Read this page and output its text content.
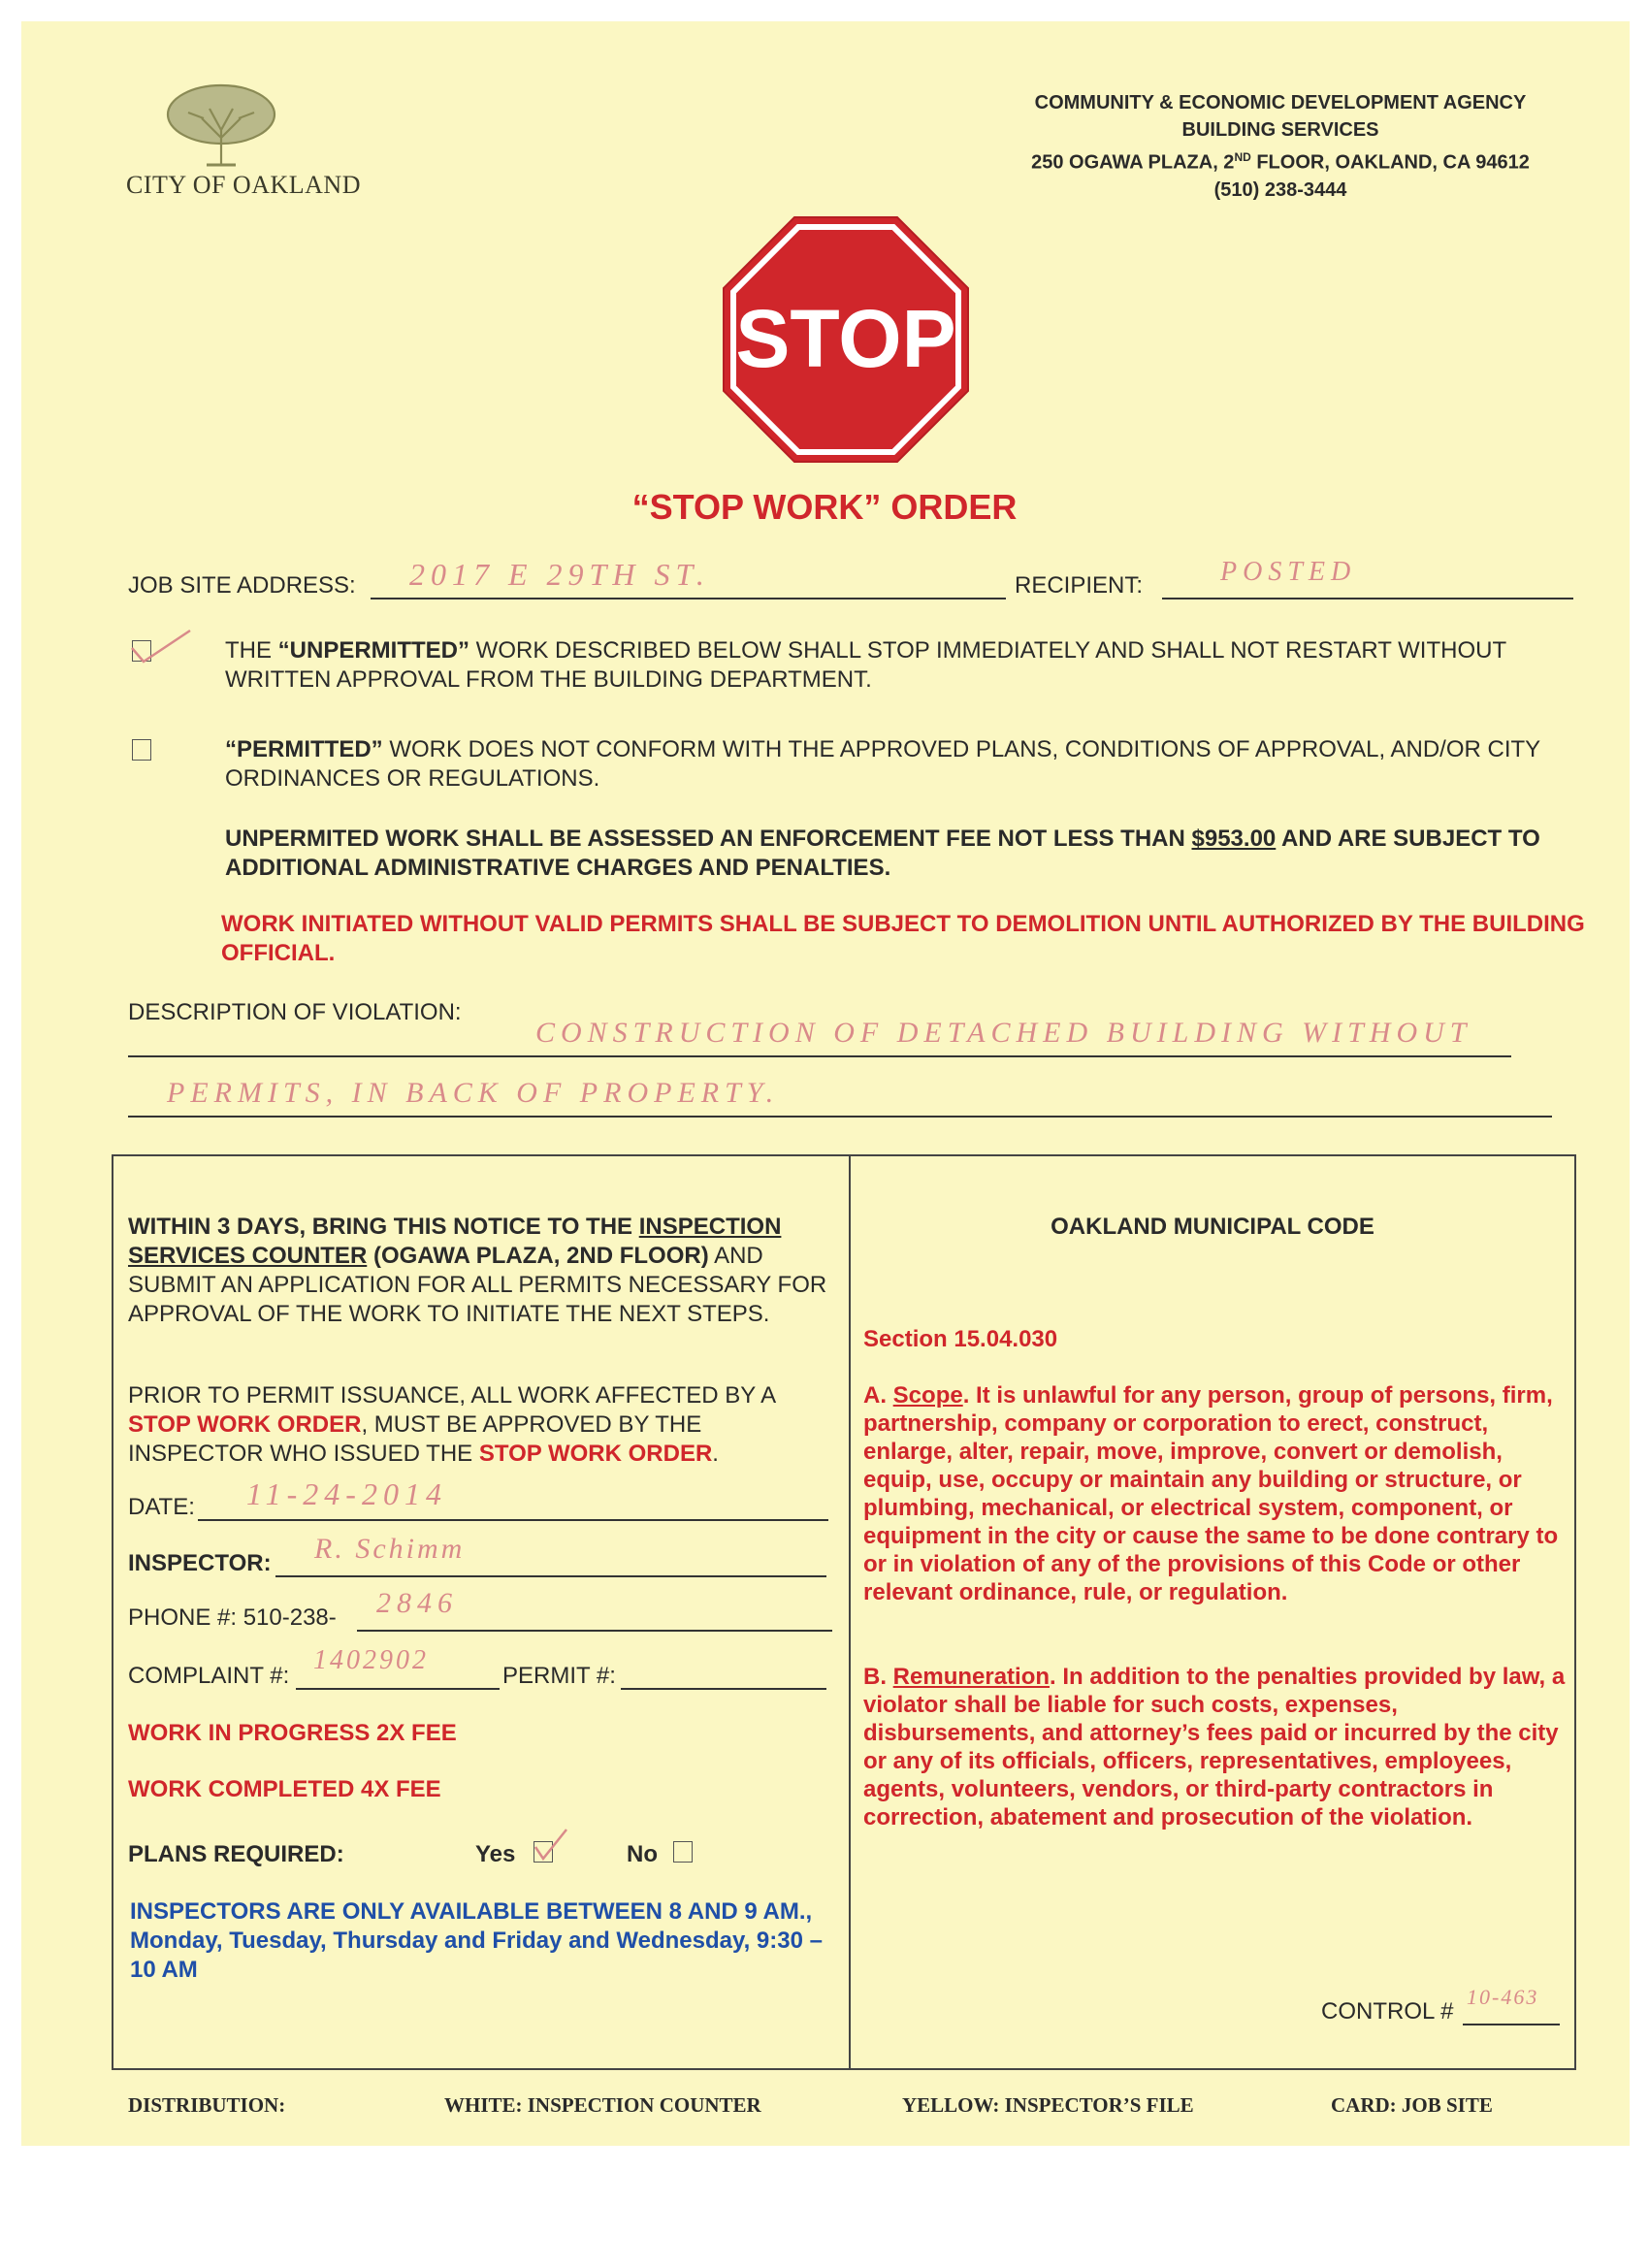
CITY OF OAKLAND
COMMUNITY & ECONOMIC DEVELOPMENT AGENCY
BUILDING SERVICES
250 OGAWA PLAZA, 2ND FLOOR, OAKLAND, CA 94612
(510) 238-3444
STOP
“STOP WORK” ORDER
JOB SITE ADDRESS: 2017 E 29TH ST.	RECIPIENT:	POSTED
THE “UNPERMITTED” WORK DESCRIBED BELOW SHALL STOP IMMEDIATELY AND SHALL NOT RESTART WITHOUT WRITTEN APPROVAL FROM THE BUILDING DEPARTMENT.
“PERMITTED” WORK DOES NOT CONFORM WITH THE APPROVED PLANS, CONDITIONS OF APPROVAL, AND/OR CITY ORDINANCES OR REGULATIONS.
UNPERMITED WORK SHALL BE ASSESSED AN ENFORCEMENT FEE NOT LESS THAN $953.00 AND ARE SUBJECT TO ADDITIONAL ADMINISTRATIVE CHARGES AND PENALTIES.
WORK INITIATED WITHOUT VALID PERMITS SHALL BE SUBJECT TO DEMOLITION UNTIL AUTHORIZED BY THE BUILDING OFFICIAL.
DESCRIPTION OF VIOLATION:
CONSTRUCTION OF DETACHED BUILDING WITHOUT
PERMITS, IN BACK OF PROPERTY.
WITHIN 3 DAYS, BRING THIS NOTICE TO THE INSPECTION
SERVICES COUNTER (OGAWA PLAZA, 2ND FLOOR) AND SUBMIT AN APPLICATION FOR ALL PERMITS NECESSARY FOR APPROVAL OF THE WORK TO INITIATE THE NEXT STEPS.
PRIOR TO PERMIT ISSUANCE, ALL WORK AFFECTED BY A STOP WORK ORDER, MUST BE APPROVED BY THE INSPECTOR WHO ISSUED THE STOP WORK ORDER.
DATE: 11-24-2014
INSPECTOR: R. Schimm
PHONE #: 510-238- 2846
COMPLAINT #:
1402902
PERMIT #:
WORK IN PROGRESS 2X FEE
WORK COMPLETED 4X FEE
PLANS REQUIRED:	Yes	No
INSPECTORS ARE ONLY AVAILABLE BETWEEN 8 AND 9 AM., Monday, Tuesday, Thursday and Friday and Wednesday, 9:30 – 10 AM
OAKLAND MUNICIPAL CODE
Section 15.04.030
A. Scope. It is unlawful for any person, group of persons, firm, partnership, company or corporation to erect, construct, enlarge, alter, repair, move, improve, convert or demolish, equip, use, occupy or maintain any building or structure, or plumbing, mechanical, or electrical system, component, or equipment in the city or cause the same to be done contrary to or in violation of any of the provisions of this Code or other relevant ordinance, rule, or regulation.
B. Remuneration. In addition to the penalties provided by law, a violator shall be liable for such costs, expenses, disbursements, and attorney’s fees paid or incurred by the city or any of its officials, officers, representatives, employees, agents, volunteers, vendors, or third-party contractors in correction, abatement and prosecution of the violation.
CONTROL #
10-463
DISTRIBUTION:	WHITE: INSPECTION COUNTER	YELLOW: INSPECTOR’S FILE	CARD: JOB SITE
